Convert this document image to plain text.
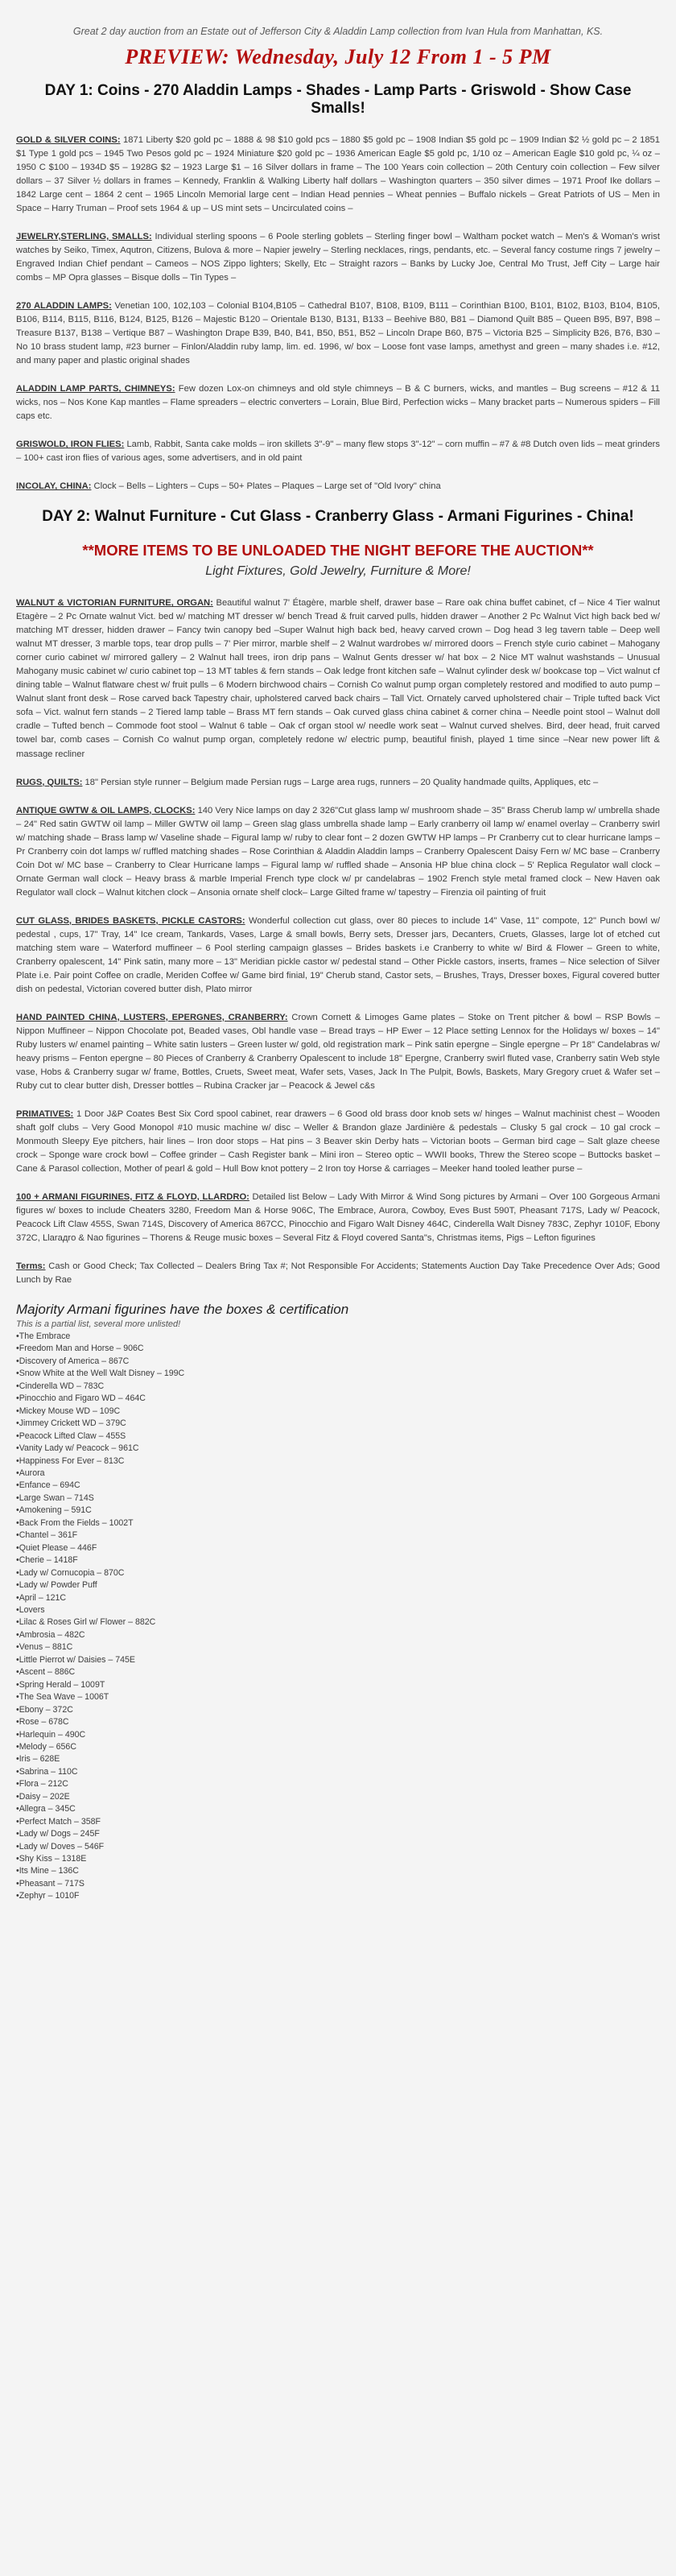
Great 2 day auction from an Estate out of Jefferson City & Aladdin Lamp collection from Ivan Hula from Manhattan, KS.

PREVIEW: Wednesday, July 12 From 1 - 5 PM
DAY 1: Coins - 270 Aladdin Lamps - Shades - Lamp Parts - Griswold - Show Case Smalls!

GOLD & SILVER COINS: 1871 Liberty $20 gold pc – 1888 & 98 $10 gold pcs – 1880 $5 gold pc – 1908 Indian $5 gold pc – 1909 Indian $2 ½ gold pc – 2 1851 $1 Type 1 gold pcs – 1945 Two Pesos gold pc – 1924 Miniature $20 gold pc – 1936 American Eagle $5 gold pc, 1/10 oz – American Eagle $10 gold pc, ¼ oz – 1950 C $100 – 1934D $5 – 1928G $2 – 1923 Large $1 – 16 Silver dollars in frame – The 100 Years coin collection – 20th Century coin collection – Few silver dollars – 37 Silver ½ dollars in frames – Kennedy, Franklin & Walking Liberty half dollars – Washington quarters – 350 silver dimes – 1971 Proof Ike dollars – 1842 Large cent – 1864 2 cent – 1965 Lincoln Memorial large cent – Indian Head pennies – Wheat pennies – Buffalo nickels – Great Patriots of US – Men in Space – Harry Truman – Proof sets 1964 & up – US mint sets – Uncirculated coins –

JEWELRY,STERLING, SMALLS: Individual sterling spoons – 6 Poole sterling goblets – Sterling finger bowl – Waltham pocket watch – Men's & Woman's wrist watches by Seiko, Timex, Aqutron, Citizens, Bulova & more – Napier jewelry – Sterling necklaces, rings, pendants, etc. – Several fancy costume rings 7 jewelry – Engraved Indian Chief pendant – Cameos – NOS Zippo lighters; Skelly, Etc – Straight razors – Banks by Lucky Joe, Central Mo Trust, Jeff City – Large hair combs – MP Opra glasses – Bisque dolls – Tin Types –

270 ALADDIN LAMPS: Venetian 100, 102,103 – Colonial B104,B105 – Cathedral B107, B108, B109, B111 – Corinthian B100, B101, B102, B103, B104, B105, B106, B114, B115, B116, B124, B125, B126 – Majestic B120 – Orientale B130, B131, B133 – Beehive B80, B81 – Diamond Quilt B85 – Queen B95, B97, B98 – Treasure B137, B138 – Vertique B87 – Washington Drape B39, B40, B41, B50, B51, B52 – Lincoln Drape B60, B75 – Victoria B25 – Simplicity B26, B76, B30 – No 10 brass student lamp, #23 burner – Finlon/Aladdin ruby lamp, lim. ed. 1996, w/ box – Loose font vase lamps, amethyst and green – many shades i.e. #12, and many paper and plastic original shades

ALADDIN LAMP PARTS, CHIMNEYS: Few dozen Lox-on chimneys and old style chimneys – B & C burners, wicks, and mantles – Bug screens – #12 & 11 wicks, nos – Nos Kone Kap mantles – Flame spreaders – electric converters – Lorain, Blue Bird, Perfection wicks – Many bracket parts – Numerous spiders – Fill caps etc.

GRISWOLD, IRON FLIES: Lamb, Rabbit, Santa cake molds – iron skillets 3"-9" – many flew stops 3"-12" – corn muffin – #7 & #8 Dutch oven lids – meat grinders – 100+ cast iron flies of various ages, some advertisers, and in old paint

INCOLAY, CHINA: Clock – Bells – Lighters – Cups – 50+ Plates – Plaques – Large set of "Old Ivory" china

DAY 2: Walnut Furniture - Cut Glass - Cranberry Glass - Armani Figurines - China!
**MORE ITEMS TO BE UNLOADED THE NIGHT BEFORE THE AUCTION**
Light Fixtures, Gold Jewelry, Furniture & More!

WALNUT & VICTORIAN FURNITURE, ORGAN: Beautiful walnut 7' Étagère, marble shelf, drawer base – Rare oak china buffet cabinet, cf – Nice 4 Tier walnut Etagère – 2 Pc Ornate walnut Vict. bed w/ matching MT dresser w/ bench Tread & fruit carved pulls, hidden drawer – Another 2 Pc Walnut Vict high back bed w/ matching MT dresser, hidden drawer – Fancy twin canopy bed –Super Walnut high back bed, heavy carved crown – Dog head 3 leg tavern table – Deep well walnut MT dresser, 3 marble tops, tear drop pulls – 7' Pier mirror, marble shelf – 2 Walnut wardrobes w/ mirrored doors – French style curio cabinet – Mahogany corner curio cabinet w/ mirrored gallery – 2 Walnut hall trees, iron drip pans – Walnut Gents dresser w/ hat box – 2 Nice MT walnut washstands – Unusual Mahogany music cabinet w/ curio cabinet top – 13 MT tables & fern stands – Oak ledge front kitchen safe – Walnut cylinder desk w/ bookcase top – Vict walnut cf dining table – Walnut flatware chest w/ fruit pulls – 6 Modern birchwood chairs – Cornish Co walnut pump organ completely restored and modified to auto pump – Walnut slant front desk – Rose carved back Tapestry chair, upholstered carved back chairs – Tall Vict. Ornately carved upholstered chair – Triple tufted back Vict sofa – Vict. walnut fern stands – 2 Tiered lamp table – Brass MT fern stands – Oak curved glass china cabinet & corner china – Needle point stool – Walnut doll cradle – Tufted bench – Commode foot stool – Walnut 6 table – Oak cf organ stool w/ needle work seat – Walnut curved shelves. Bird, deer head, fruit carved towel bar, comb cases – Cornish Co walnut pump organ, completely redone w/ electric pump, beautiful finish, played 1 time since –Near new power lift & massage recliner

RUGS, QUILTS: 18" Persian style runner – Belgium made Persian rugs – Large area rugs, runners – 20 Quality handmade quilts, Appliques, etc –

ANTIQUE GWTW & OIL LAMPS, CLOCKS: 140 Very Nice lamps on day 2 326"Cut glass lamp w/ mushroom shade – 35" Brass Cherub lamp w/ umbrella shade – 24" Red satin GWTW oil lamp – Miller GWTW oil lamp – Green slag glass umbrella shade lamp – Early cranberry oil lamp w/ enamel overlay – Cranberry swirl w/ matching shade – Brass lamp w/ Vaseline shade – Figural lamp w/ ruby to clear font – 2 dozen GWTW HP lamps – Pr Cranberry cut to clear hurricane lamps – Pr Cranberry coin dot lamps w/ ruffled matching shades – Rose Corinthian & Aladdin Aladdin lamps – Cranberry Opalescent Daisy Fern w/ MC base – Cranberry Coin Dot w/ MC base – Cranberry to Clear Hurricane lamps – Figural lamp w/ ruffled shade – Ansonia HP blue china clock – 5' Replica Regulator wall clock – Ornate German wall clock – Heavy brass & marble Imperial French type clock w/ pr candelabras – 1902 French style metal framed clock – New Haven oak Regulator wall clock – Walnut kitchen clock – Ansonia ornate shelf clock– Large Gilted frame w/ tapestry – Firenzia oil painting of fruit

CUT GLASS, BRIDES BASKETS, PICKLE CASTORS: Wonderful collection cut glass, over 80 pieces to include 14" Vase, 11" compote, 12" Punch bowl w/ pedestal , cups, 17" Tray, 14" Ice cream, Tankards, Vases, Large & small bowls, Berry sets, Dresser jars, Decanters, Cruets, Glasses, large lot of etched cut matching stem ware – Waterford muffineer – 6 Pool sterling campaign glasses – Brides baskets i.e Cranberry to white w/ Bird & Flower – Green to white, Cranberry opalescent, 14" Pink satin, many more – 13" Meridian pickle castor w/ pedestal stand – Other Pickle castors, inserts, frames – Nice selection of Silver Plate i.e. Pair point Coffee on cradle, Meriden Coffee w/ Game bird finial, 19" Cherub stand, Castor sets, – Brushes, Trays, Dresser boxes, Figural covered butter dish on pedestal, Victorian covered butter dish, Plato mirror

HAND PAINTED CHINA, LUSTERS, EPERGNES, CRANBERRY: Crown Cornett & Limoges Game plates – Stoke on Trent pitcher & bowl – RSP Bowls – Nippon Muffineer – Nippon Chocolate pot, Beaded vases, Obl handle vase – Bread trays – HP Ewer – 12 Place setting Lennox for the Holidays w/ boxes – 14" Ruby lusters w/ enamel painting – White satin lusters – Green luster w/ gold, old registration mark – Pink satin epergne – Single epergne – Pr 18" Candelabras w/ heavy prisms – Fenton epergne – 80 Pieces of Cranberry & Cranberry Opalescent to include 18" Epergne, Cranberry swirl fluted vase, Cranberry satin Web style vase, Hobs & Cranberry sugar w/ frame, Bottles, Cruets, Sweet meat, Wafer sets, Vases, Jack In The Pulpit, Bowls, Baskets, Mary Gregory cruet & Wafer set – Ruby cut to clear butter dish, Dresser bottles – Rubina Cracker jar – Peacock & Jewel c&s

PRIMATIVES: 1 Door J&P Coates Best Six Cord spool cabinet, rear drawers – 6 Good old brass door knob sets w/ hinges – Walnut machinist chest – Wooden shaft golf clubs – Very Good Monopol #10 music machine w/ disc – Weller & Brandon glaze Jardinière & pedestals – Clusky 5 gal crock – 10 gal crock – Monmouth Sleepy Eye pitchers, hair lines – Iron door stops – Hat pins – 3 Beaver skin Derby hats – Victorian boots – German bird cage – Salt glaze cheese crock – Sponge ware crock bowl – Coffee grinder – Cash Register bank – Mini iron – Stereo optic – WWII books, Threw the Stereo scope – Buttocks basket – Cane & Parasol collection, Mother of pearl & gold – Hull Bow knot pottery – 2 Iron toy Horse & carriages – Meeker hand tooled leather purse –

100 + ARMANI FIGURINES, FITZ & FLOYD, LLARDRO: Detailed list Below – Lady With Mirror & Wind Song pictures by Armani – Over 100 Gorgeous Armani figures w/ boxes to include Cheaters 3280, Freedom Man & Horse 906C, The Embrace, Aurora, Cowboy, Eves Bust 590T, Pheasant 717S, Lady w/ Peacock, Peacock Lift Claw 455S, Swan 714S, Discovery of America 867CC, Pinocchio and Figaro Walt Disney 464C, Cinderella Walt Disney 783C, Zephyr 1010F, Ebony 372C, Llarадro & Nao figurines – Thorens & Reuge music boxes – Several Fitz & Floyd covered Santa"s, Christmas items, Pigs – Lefton figurines

Terms: Cash or Good Check; Tax Collected – Dealers Bring Tax #; Not Responsible For Accidents; Statements Auction Day Take Precedence Over Ads; Good Lunch by Rae

Majority Armani figurines have the boxes & certification
This is a partial list, several more unlisted!
• The Embrace
• Freedom Man and Horse – 906C
• Discovery of America – 867C
• Snow White at the Well Walt Disney – 199C
• Cinderella WD – 783C
• Pinocchio and Figaro WD – 464C
• Mickey Mouse WD – 109C
• Jimmey Crickett WD – 379C
• Peacock Lifted Claw – 455S
• Vanity Lady w/ Peacock – 961C
• Happiness For Ever – 813C
• Aurora
• Enfance – 694C
• Large Swan – 714S
• Amokening – 591C
• Back From the Fields – 1002T
• Chantel – 361F
• Quiet Please – 446F
• Cherie – 1418F
• Lady w/ Cornucopia – 870C
• Lady w/ Powder Puff
• April – 121C
• Lovers
• Lilac & Roses Girl w/ Flower – 882C
• Ambrosia – 482C
• Venus – 881C
• Little Pierrot w/ Daisies – 745E
• Ascent – 886C
• Spring Herald – 1009T
• The Sea Wave – 1006T
• Ebony – 372C
• Rose – 678C
• Harlequin – 490C
• Melody – 656C
• Iris – 628E
• Sabrina – 110C
• Flora – 212C
• Daisy – 202E
• Allegra – 345C
• Perfect Match – 358F
• Lady w/ Dogs – 245F
• Lady w/ Doves – 546F
• Shy Kiss – 1318E
• Its Mine – 136C
• Pheasant – 717S
• Zephyr – 1010F
